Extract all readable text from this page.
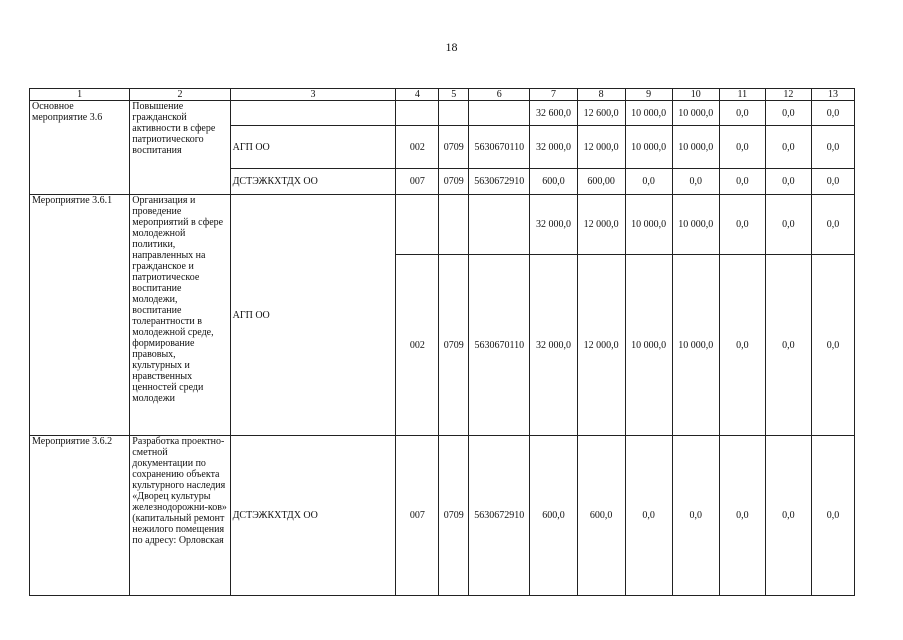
18
1	2	3	4	5	6	7	8	9	10	11	12	13
Основное мероприятие 3.6	Повышение гражданской активности в сфере патриотического воспитания					32 600,0	12 600,0	10 000,0	10 000,0	0,0	0,0	0,0
		АГП ОО	002	0709	5630670110	32 000,0	12 000,0	10 000,0	10 000,0	0,0	0,0	0,0
		ДСТЭЖКХТДХ ОО	007	0709	5630672910	600,0	600,00	0,0	0,0	0,0	0,0	0,0
Мероприятие 3.6.1	Организация и проведение мероприятий в сфере молодежной политики, направленных на гражданское и патриотическое воспитание молодежи, воспитание толерантности в молодежной среде, формирование правовых, культурных и нравственных ценностей среди молодежи	АГП ОО				32 000,0	12 000,0	10 000,0	10 000,0	0,0	0,0	0,0
			002	0709	5630670110	32 000,0	12 000,0	10 000,0	10 000,0	0,0	0,0	0,0
Мероприятие 3.6.2	Разработка проектно-сметной документации по сохранению объекта культурного наследия «Дворец культуры железнодорожни-ков» (капитальный ремонт нежилого помещения по адресу: Орловская	ДСТЭЖКХТДХ ОО	007	0709	5630672910	600,0	600,0	0,0	0,0	0,0	0,0	0,0
